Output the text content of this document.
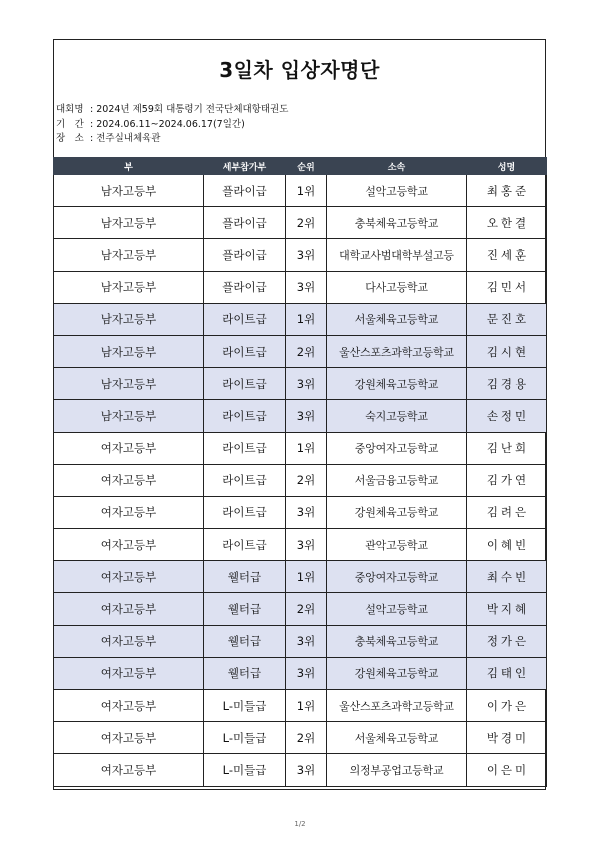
3일차 입상자명단
대회명 : 2024년 제59회 대통령기 전국단체대항태권도
기　간 : 2024.06.11~2024.06.17(7일간)
장　소 : 전주실내체육관
부	세부참가부	순위	소속	성명
남자고등부	플라이급	1위	설악고등학교	최홍준
남자고등부	플라이급	2위	충북체육고등학교	오한결
남자고등부	플라이급	3위	대학교사범대학부설고등	진세훈
남자고등부	플라이급	3위	다사고등학교	김민서
남자고등부	라이트급	1위	서울체육고등학교	문진호
남자고등부	라이트급	2위	울산스포츠과학고등학교	김시현
남자고등부	라이트급	3위	강원체육고등학교	김경용
남자고등부	라이트급	3위	숙지고등학교	손정민
여자고등부	라이트급	1위	중앙여자고등학교	김난희
여자고등부	라이트급	2위	서울금융고등학교	김가연
여자고등부	라이트급	3위	강원체육고등학교	김려은
여자고등부	라이트급	3위	관악고등학교	이혜빈
여자고등부	웰터급	1위	중앙여자고등학교	최수빈
여자고등부	웰터급	2위	설악고등학교	박지혜
여자고등부	웰터급	3위	충북체육고등학교	정가은
여자고등부	웰터급	3위	강원체육고등학교	김태인
여자고등부	L-미들급	1위	울산스포츠과학고등학교	이가은
여자고등부	L-미들급	2위	서울체육고등학교	박경미
여자고등부	L-미들급	3위	의정부공업고등학교	이은미
1/2
